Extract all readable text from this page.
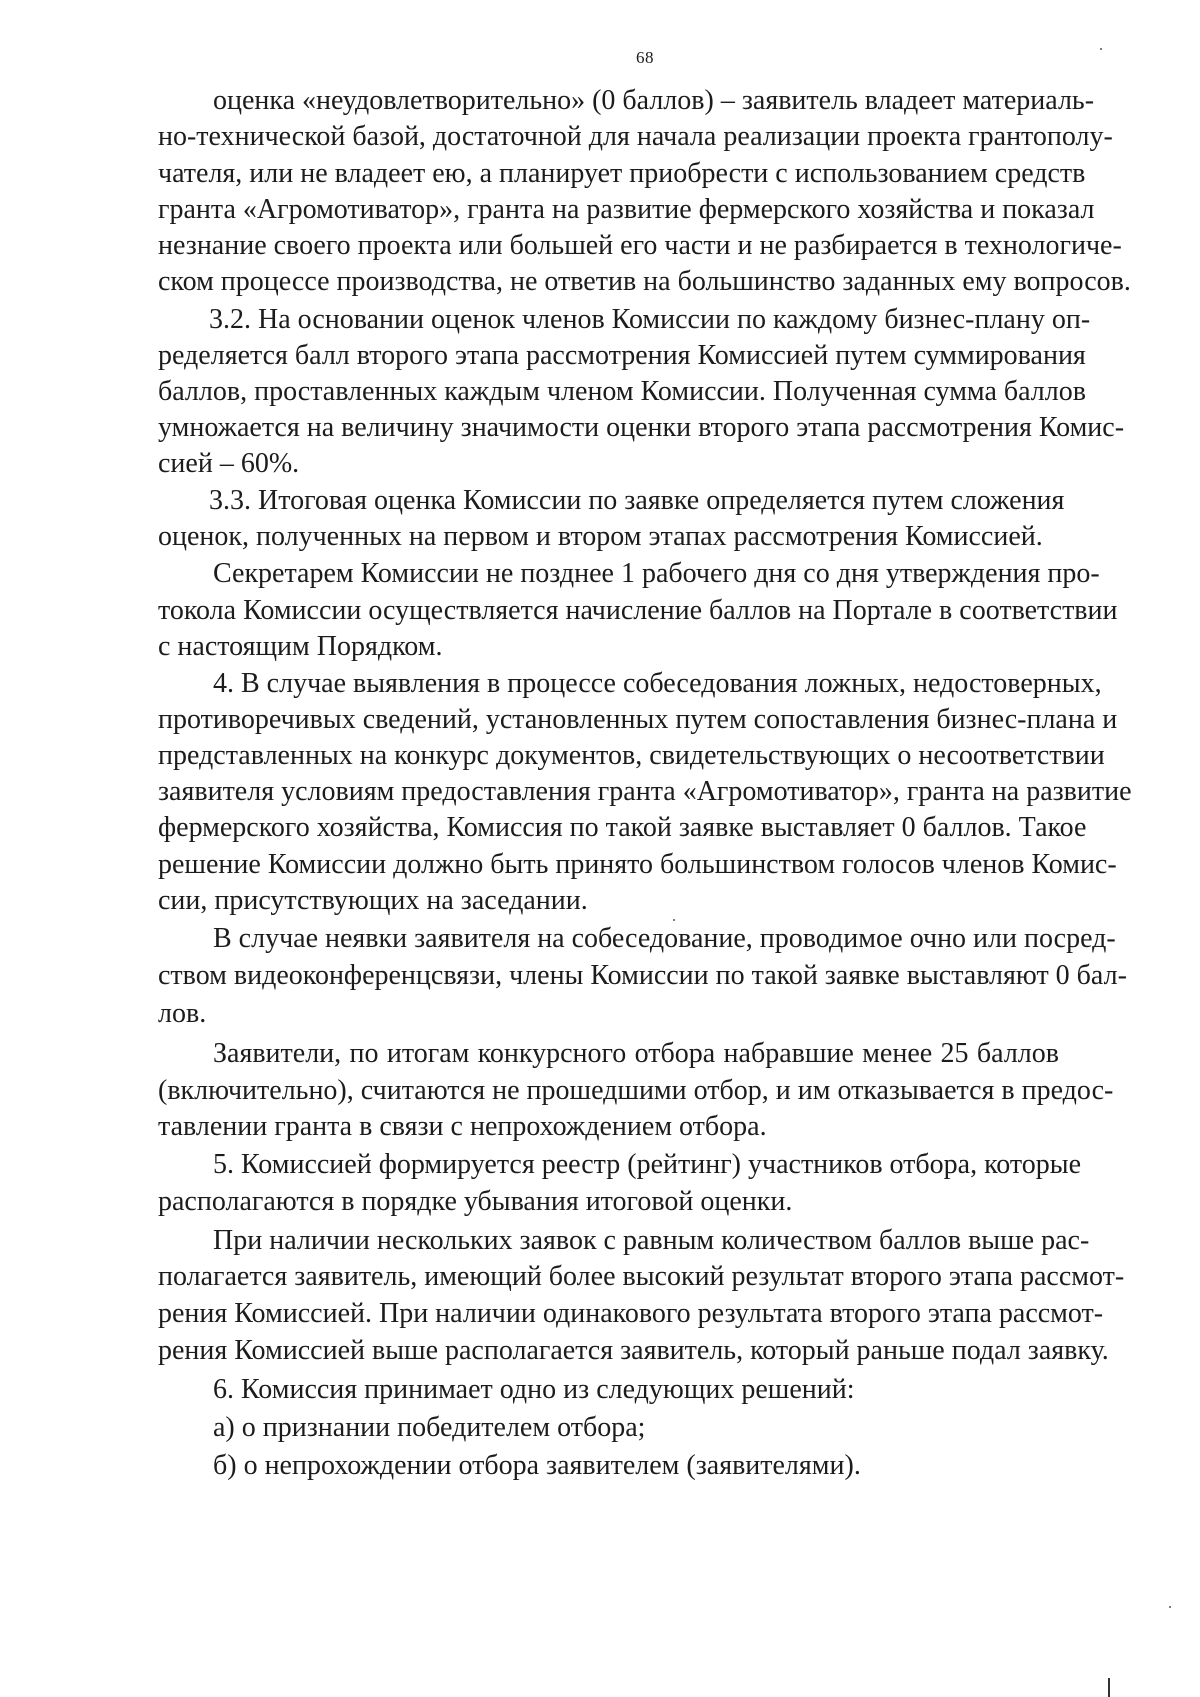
68
оценка «неудовлетворительно» (0 баллов) – заявитель владеет материаль-
но-технической базой, достаточной для начала реализации проекта грантополу-
чателя, или не владеет ею, а планирует приобрести с использованием средств
гранта «Агромотиватор», гранта на развитие фермерского хозяйства и показал
незнание своего проекта или большей его части и не разбирается в технологиче-
ском процессе производства, не ответив на большинство заданных ему вопросов.
3.2. На основании оценок членов Комиссии по каждому бизнес-плану оп-
ределяется балл второго этапа рассмотрения Комиссией путем суммирования
баллов, проставленных каждым членом Комиссии. Полученная сумма баллов
умножается на величину значимости оценки второго этапа рассмотрения Комис-
сией – 60%.
3.3. Итоговая оценка Комиссии по заявке определяется путем сложения
оценок, полученных на первом и втором этапах рассмотрения Комиссией.
Секретарем Комиссии не позднее 1 рабочего дня со дня утверждения про-
токола Комиссии осуществляется начисление баллов на Портале в соответствии
с настоящим Порядком.
4. В случае выявления в процессе собеседования ложных, недостоверных,
противоречивых сведений, установленных путем сопоставления бизнес-плана и
представленных на конкурс документов, свидетельствующих о несоответствии
заявителя условиям предоставления гранта «Агромотиватор», гранта на развитие
фермерского хозяйства, Комиссия по такой заявке выставляет 0 баллов. Такое
решение Комиссии должно быть принято большинством голосов членов Комис-
сии, присутствующих на заседании.
В случае неявки заявителя на собеседование, проводимое очно или посред-
ством видеоконференцсвязи, члены Комиссии по такой заявке выставляют 0 бал-
лов.
Заявители, по итогам конкурсного отбора набравшие менее 25 баллов
(включительно), считаются не прошедшими отбор, и им отказывается в предос-
тавлении гранта в связи с непрохождением отбора.
5. Комиссией формируется реестр (рейтинг) участников отбора, которые
располагаются в порядке убывания итоговой оценки.
При наличии нескольких заявок с равным количеством баллов выше рас-
полагается заявитель, имеющий более высокий результат второго этапа рассмот-
рения Комиссией. При наличии одинакового результата второго этапа рассмот-
рения Комиссией выше располагается заявитель, который раньше подал заявку.
6. Комиссия принимает одно из следующих решений:
а) о признании победителем отбора;
б) о непрохождении отбора заявителем (заявителями).
